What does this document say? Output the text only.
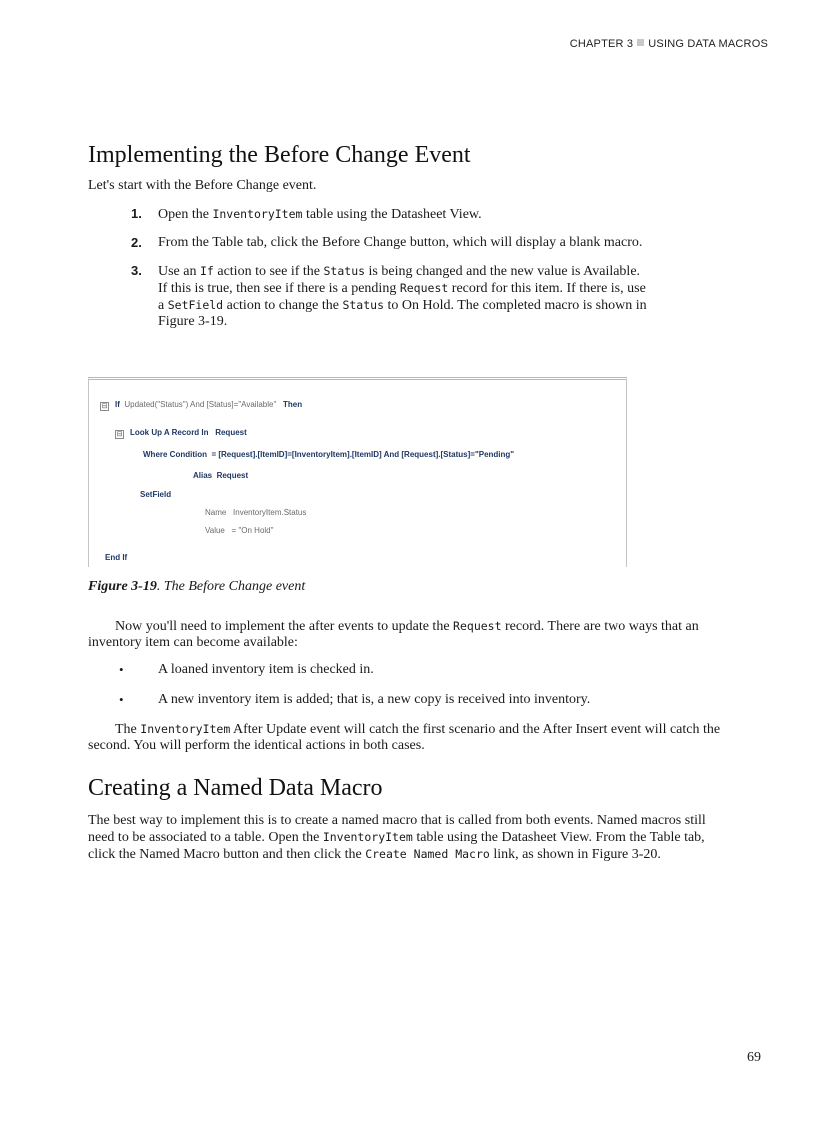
CHAPTER 3 USING DATA MACROS
Implementing the Before Change Event

Let's start with the Before Change event.

1. Open the InventoryItem table using the Datasheet View.
2. From the Table tab, click the Before Change button, which will display a blank macro.
3. Use an If action to see if the Status is being changed and the new value is Available. If this is true, then see if there is a pending Request record for this item. If there is, use a SetField action to change the Status to On Hold. The completed macro is shown in Figure 3-19.
⊟ If Updated("Status") And [Status]="Available" Then
⊟ Look Up A Record In Request
Where Condition = [Request].[ItemID]=[InventoryItem].[ItemID] And [Request].[Status]="Pending"
Alias Request
SetField
Name InventoryItem.Status
Value = "On Hold"
End If
Figure 3-19. The Before Change event

Now you'll need to implement the after events to update the Request record. There are two ways that an inventory item can become available:

• A loaned inventory item is checked in.
• A new inventory item is added; that is, a new copy is received into inventory.

The InventoryItem After Update event will catch the first scenario and the After Insert event will catch the second. You will perform the identical actions in both cases.

Creating a Named Data Macro

The best way to implement this is to create a named macro that is called from both events. Named macros still need to be associated to a table. Open the InventoryItem table using the Datasheet View. From the Table tab, click the Named Macro button and then click the Create Named Macro link, as shown in Figure 3-20.

69
